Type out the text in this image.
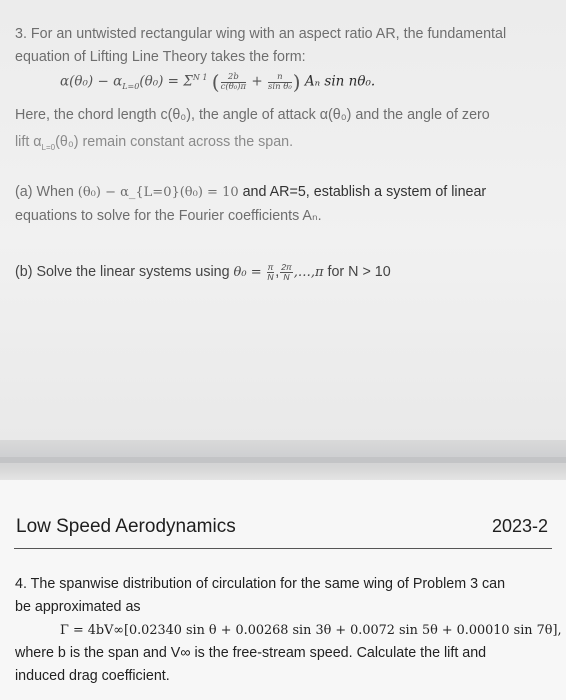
3. For an untwisted rectangular wing with an aspect ratio AR, the fundamental
equation of Lifting Line Theory takes the form:
$\alpha(\theta_0) - \alpha_{L=0}(\theta_0) = \Sigma^{N 1}$ ( $\frac{2b}{\text{c(θ₀)π}} + \frac{n}{\text{sin θ₀}}$ ) Aₙ sin nθ₀.
Here, the chord length c(θ₀), the angle of attack α(θ₀) and the angle of zero
lift $\alpha_{L=0}(\theta_0)$ remain constant across the span.
(a) When (θ₀) − α_{L=0}(θ₀) = 10 and AR=5, establish a system of linear
equations to solve for the Fourier coefficients Aₙ.
(b) Solve the linear systems using $\theta_0 = \frac{\pi}{N}$ , $\frac{2\pi}{N}$ ,…,π for N > 10
Low Speed Aerodynamics	2023-2
4. The spanwise distribution of circulation for the same wing of Problem 3 can
be approximated as
Γ = 4bV∞[0.02340 sin θ + 0.00268 sin 3θ + 0.0072 sin 5θ + 0.00010 sin 7θ],
where b is the span and V∞ is the free-stream speed. Calculate the lift and
induced drag coefficient.
